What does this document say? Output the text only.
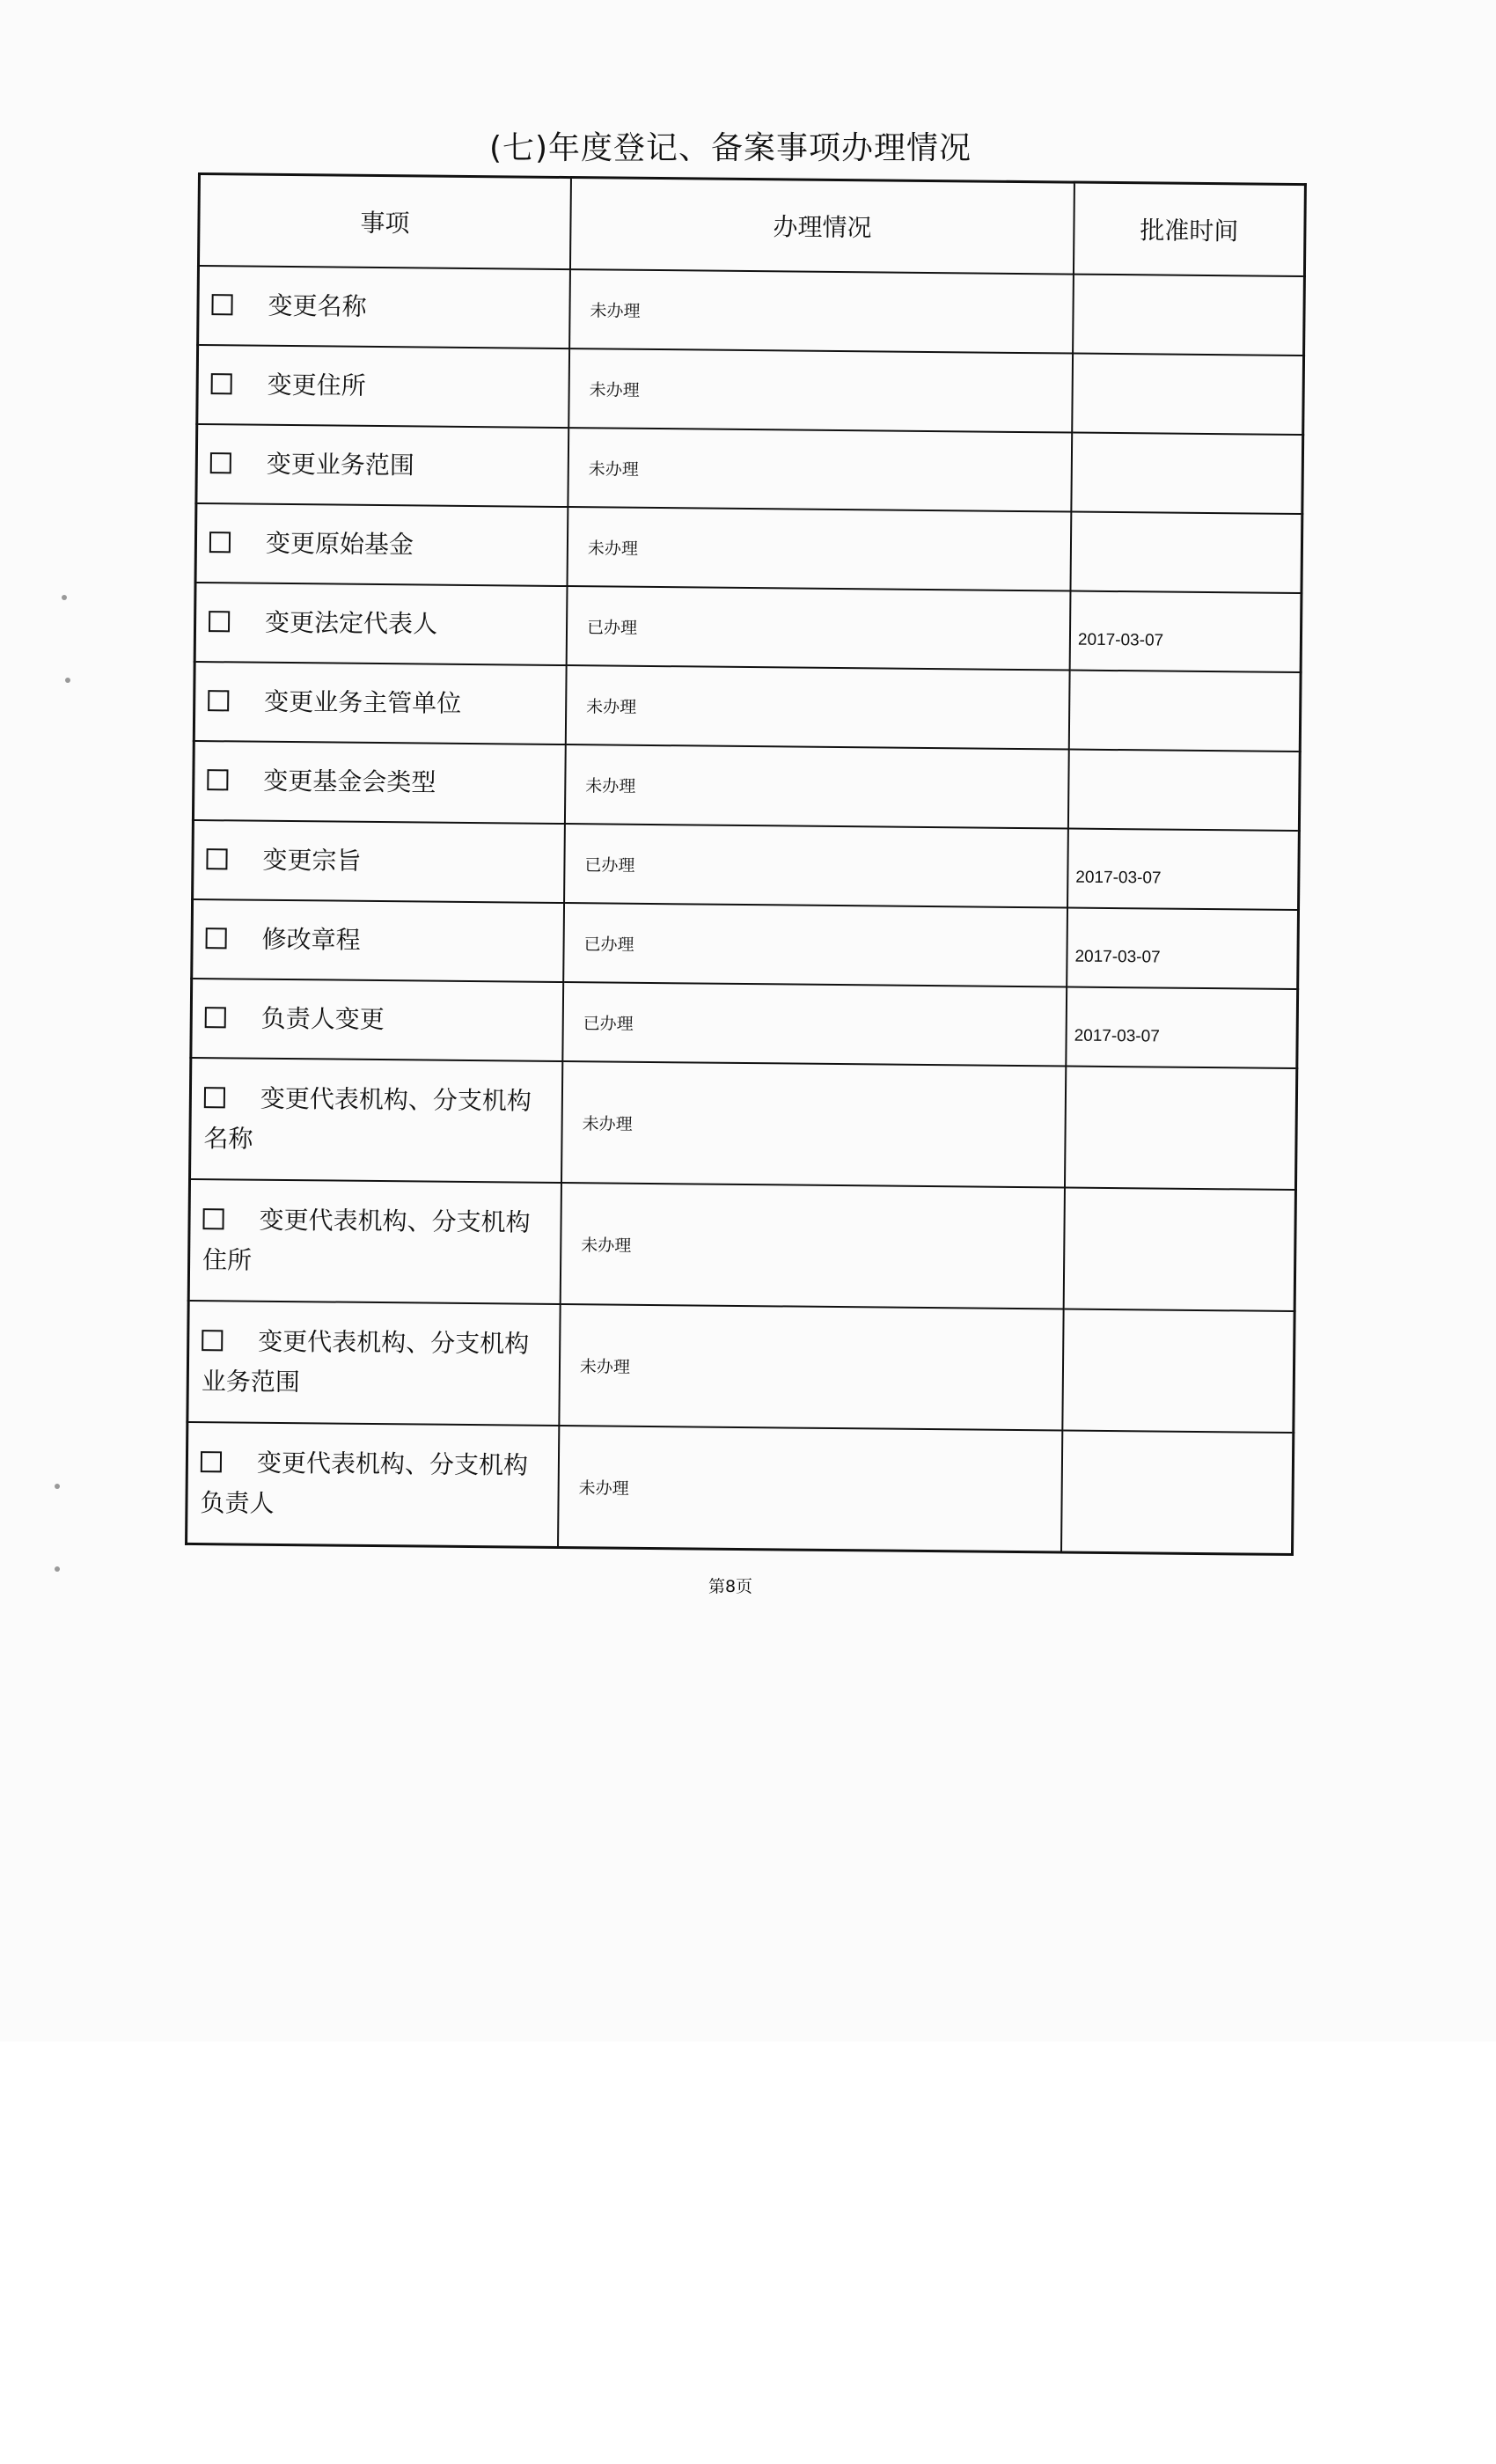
(七)年度登记、备案事项办理情况
事项	办理情况	批准时间
变更名称	未办理	

变更住所	未办理	

变更业务范围	未办理	

变更原始基金	未办理	

变更法定代表人	已办理	2017-03-07

变更业务主管单位	未办理	

变更基金会类型	未办理	

变更宗旨	已办理	2017-03-07

修改章程	已办理	2017-03-07

负责人变更	已办理	2017-03-07

变更代表机构、分支机构名称	未办理	

变更代表机构、分支机构住所	未办理	

变更代表机构、分支机构业务范围	未办理	

变更代表机构、分支机构负责人	未办理	
第8页
